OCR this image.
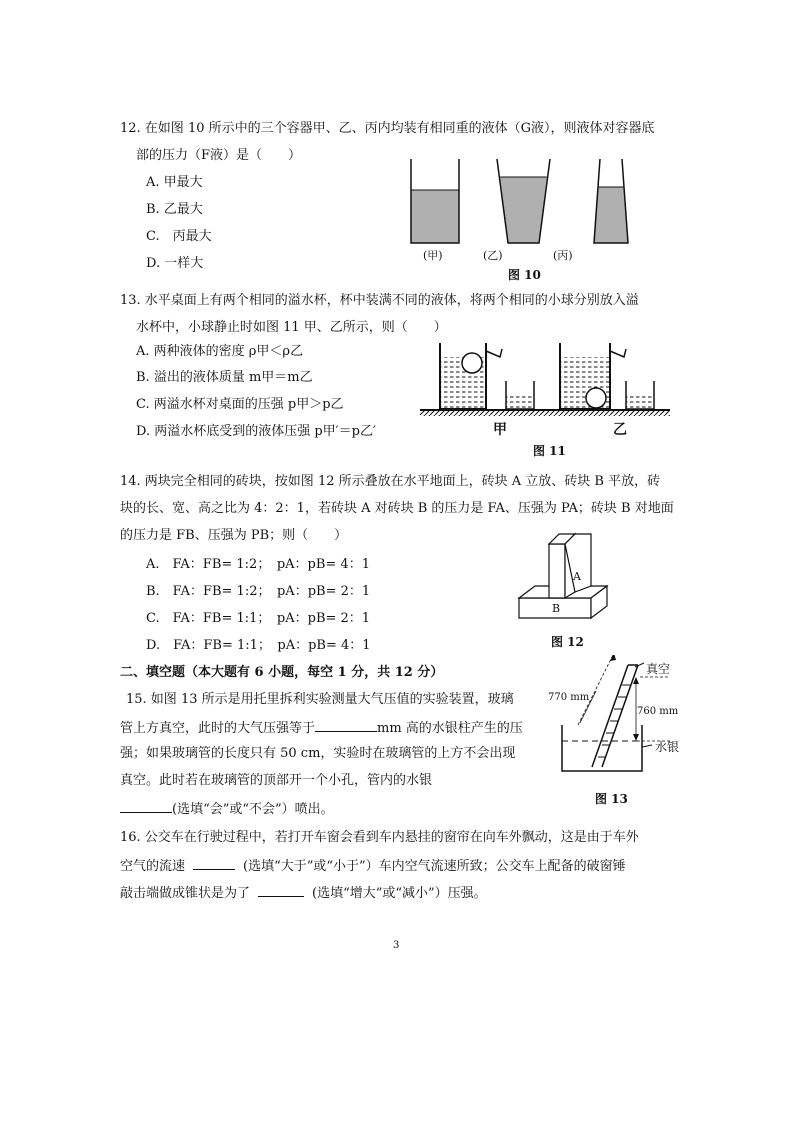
12. 在如图 10 所示中的三个容器甲、乙、丙内均装有相同重的液体（G液），则液体对容器底
部的压力（F液）是（　　）
A. 甲最大
B. 乙最大
C.　丙最大
D. 一样大
(甲)	(乙)	(丙)
图 10
13. 水平桌面上有两个相同的溢水杯，杯中装满不同的液体，将两个相同的小球分别放入溢
水杯中，小球静止时如图 11 甲、乙所示，则（　　）
A. 两种液体的密度 ρ甲＜ρ乙
B. 溢出的液体质量 m甲＝m乙
C. 两溢水杯对桌面的压强 p甲＞p乙
D. 两溢水杯底受到的液体压强 p甲′＝p乙′	甲	乙
图 11
14. 两块完全相同的砖块，按如图 12 所示叠放在水平地面上，砖块 A 立放、砖块 B 平放，砖
块的长、宽、高之比为 4：2：1，若砖块 A 对砖块 B 的压力是 FA、压强为 PA；砖块 B 对地面
的压力是 FB、压强为 PB；则（　　）
A.　FA：FB= 1:2；　pA：pB= 4：1
B.　FA：FB= 1:2；　pA：pB= 2：1
C.　FA：FB= 1:1；　pA：pB= 2：1
D.　FA：FB= 1:1；　pA：pB= 4：1
A
B
图 12
二、填空题（本大题有 6 小题，每空 1 分，共 12 分）
15. 如图 13 所示是用托里拆利实验测量大气压值的实验装置，玻璃
管上方真空，此时的大气压强等于	mm 高的水银柱产生的压
强；如果玻璃管的长度只有 50 cm，实验时在玻璃管的上方不会出现
真空。此时若在玻璃管的顶部开一个小孔，管内的水银
(选填“会”或“不会”）喷出。
真空
770 mm
760 mm
水银
图 13
16. 公交车在行驶过程中，若打开车窗会看到车内悬挂的窗帘在向车外飘动，这是由于车外
空气的流速	(选填“大于”或“小于”）车内空气流速所致；公交车上配备的破窗锤
敲击端做成锥状是为了	(选填“增大”或“减小”）压强。
3
